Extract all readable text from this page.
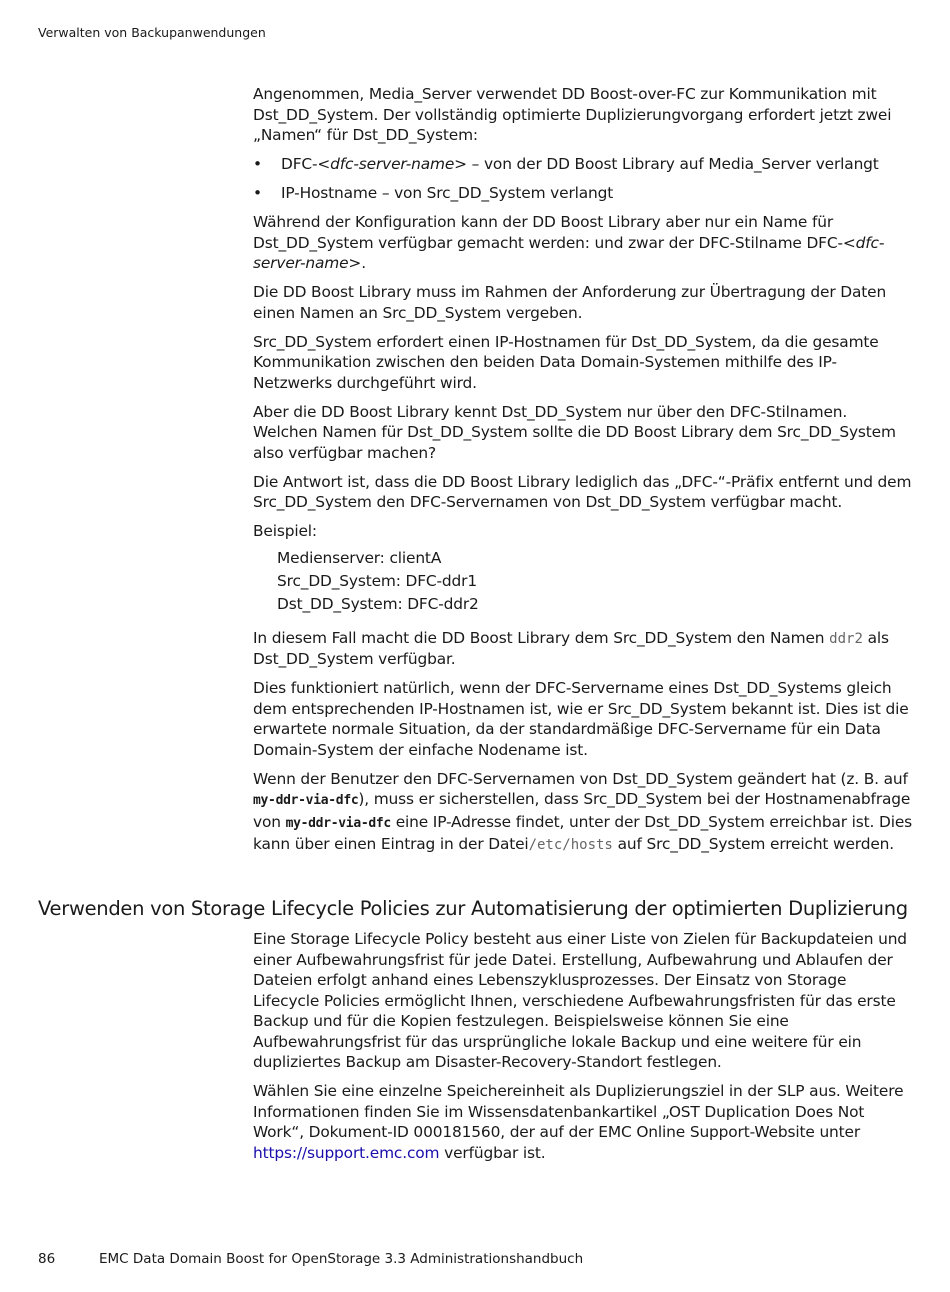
Verwalten von Backupanwendungen

Angenommen, Media_Server verwendet DD Boost-over-FC zur Kommunikation mit Dst_DD_System. Der vollständig optimierte Duplizierungvorgang erfordert jetzt zwei „Namen“ für Dst_DD_System:

• DFC-<dfc-server-name> – von der DD Boost Library auf Media_Server verlangt
• IP-Hostname – von Src_DD_System verlangt

Während der Konfiguration kann der DD Boost Library aber nur ein Name für Dst_DD_System verfügbar gemacht werden: und zwar der DFC-Stilname DFC-<dfc-server-name>.

Die DD Boost Library muss im Rahmen der Anforderung zur Übertragung der Daten einen Namen an Src_DD_System vergeben.

Src_DD_System erfordert einen IP-Hostnamen für Dst_DD_System, da die gesamte Kommunikation zwischen den beiden Data Domain-Systemen mithilfe des IP-Netzwerks durchgeführt wird.

Aber die DD Boost Library kennt Dst_DD_System nur über den DFC-Stilnamen. Welchen Namen für Dst_DD_System sollte die DD Boost Library dem Src_DD_System also verfügbar machen?

Die Antwort ist, dass die DD Boost Library lediglich das „DFC-“-Präfix entfernt und dem Src_DD_System den DFC-Servernamen von Dst_DD_System verfügbar macht.

Beispiel:

Medienserver: clientA
Src_DD_System: DFC-ddr1
Dst_DD_System: DFC-ddr2

In diesem Fall macht die DD Boost Library dem Src_DD_System den Namen ddr2 als Dst_DD_System verfügbar.

Dies funktioniert natürlich, wenn der DFC-Servername eines Dst_DD_Systems gleich dem entsprechenden IP-Hostnamen ist, wie er Src_DD_System bekannt ist. Dies ist die erwartete normale Situation, da der standardmäßige DFC-Servername für ein Data Domain-System der einfache Nodename ist.

Wenn der Benutzer den DFC-Servernamen von Dst_DD_System geändert hat (z. B. auf my-ddr-via-dfc), muss er sicherstellen, dass Src_DD_System bei der Hostnamenabfrage von my-ddr-via-dfc eine IP-Adresse findet, unter der Dst_DD_System erreichbar ist. Dies kann über einen Eintrag in der Datei/etc/hosts auf Src_DD_System erreicht werden.

Verwenden von Storage Lifecycle Policies zur Automatisierung der optimierten Duplizierung

Eine Storage Lifecycle Policy besteht aus einer Liste von Zielen für Backupdateien und einer Aufbewahrungsfrist für jede Datei. Erstellung, Aufbewahrung und Ablaufen der Dateien erfolgt anhand eines Lebenszyklusprozesses. Der Einsatz von Storage Lifecycle Policies ermöglicht Ihnen, verschiedene Aufbewahrungsfristen für das erste Backup und für die Kopien festzulegen. Beispielsweise können Sie eine Aufbewahrungsfrist für das ursprüngliche lokale Backup und eine weitere für ein dupliziertes Backup am Disaster-Recovery-Standort festlegen.

Wählen Sie eine einzelne Speichereinheit als Duplizierungsziel in der SLP aus. Weitere Informationen finden Sie im Wissensdatenbankartikel „OST Duplication Does Not Work“, Dokument-ID 000181560, der auf der EMC Online Support-Website unter https://support.emc.com verfügbar ist.

86	EMC Data Domain Boost for OpenStorage 3.3 Administrationshandbuch
